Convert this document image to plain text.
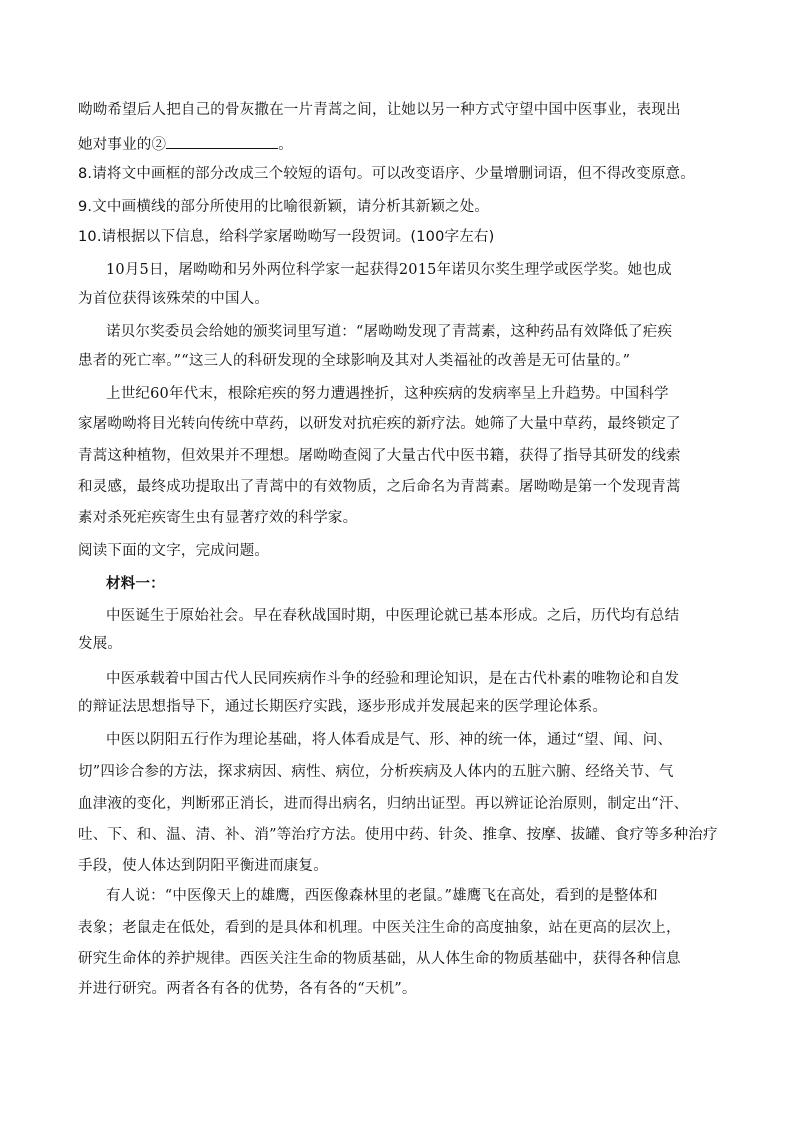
呦呦希望后人把自己的骨灰撒在一片青蒿之间，让她以另一种方式守望中国中医事业，表现出
她对事业的②	。
8.请将文中画框的部分改成三个较短的语句。可以改变语序、少量增删词语，但不得改变原意。
9.文中画横线的部分所使用的比喻很新颖，请分析其新颖之处。
10.请根据以下信息，给科学家屠呦呦写一段贺词。(100字左右)
10月5日，屠呦呦和另外两位科学家一起获得2015年诺贝尔奖生理学或医学奖。她也成
为首位获得该殊荣的中国人。
诺贝尔奖委员会给她的颁奖词里写道：“屠呦呦发现了青蒿素，这种药品有效降低了疟疾
患者的死亡率。”“这三人的科研发现的全球影响及其对人类福祉的改善是无可估量的。”
上世纪60年代末，根除疟疾的努力遭遇挫折，这种疾病的发病率呈上升趋势。中国科学
家屠呦呦将目光转向传统中草药，以研发对抗疟疾的新疗法。她筛了大量中草药，最终锁定了
青蒿这种植物，但效果并不理想。屠呦呦查阅了大量古代中医书籍，获得了指导其研发的线索
和灵感，最终成功提取出了青蒿中的有效物质，之后命名为青蒿素。屠呦呦是第一个发现青蒿
素对杀死疟疾寄生虫有显著疗效的科学家。
阅读下面的文字，完成问题。
材料一：
中医诞生于原始社会。早在春秋战国时期，中医理论就已基本形成。之后，历代均有总结
发展。
中医承载着中国古代人民同疾病作斗争的经验和理论知识，是在古代朴素的唯物论和自发
的辩证法思想指导下，通过长期医疗实践，逐步形成并发展起来的医学理论体系。
中医以阴阳五行作为理论基础，将人体看成是气、形、神的统一体，通过“望、闻、问、
切”四诊合参的方法，探求病因、病性、病位，分析疾病及人体内的五脏六腑、经络关节、气
血津液的变化，判断邪正消长，进而得出病名，归纳出证型。再以辨证论治原则，制定出“汗、
吐、下、和、温、清、补、消”等治疗方法。使用中药、针灸、推拿、按摩、拔罐、食疗等多种治疗
手段，使人体达到阴阳平衡进而康复。
有人说：“中医像天上的雄鹰，西医像森林里的老鼠。”雄鹰飞在高处，看到的是整体和
表象；老鼠走在低处，看到的是具体和机理。中医关注生命的高度抽象，站在更高的层次上，
研究生命体的养护规律。西医关注生命的物质基础，从人体生命的物质基础中，获得各种信息
并进行研究。两者各有各的优势，各有各的“天机”。
